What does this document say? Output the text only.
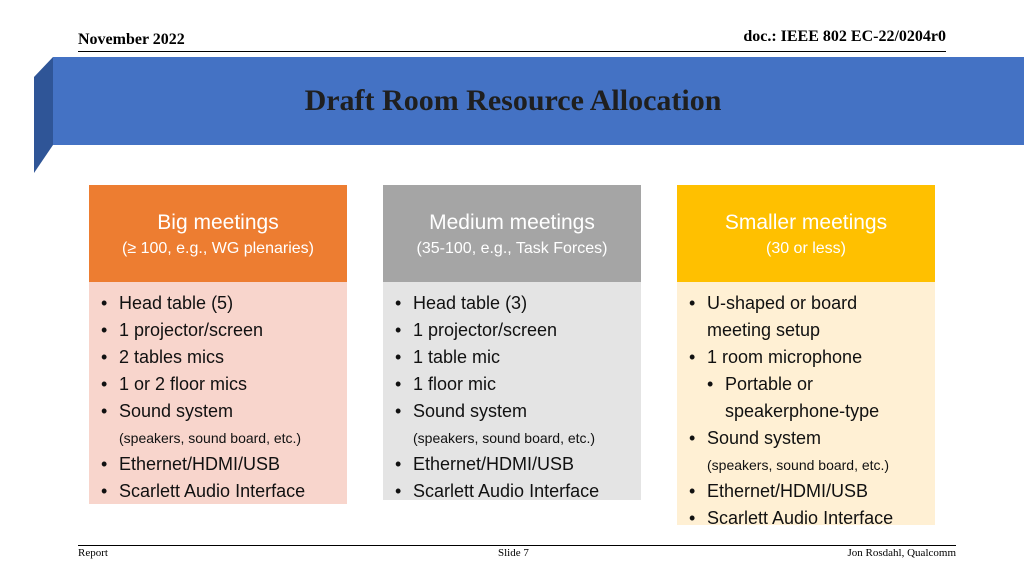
November 2022	doc.: IEEE 802 EC-22/0204r0
Draft Room Resource Allocation
Big meetings
(≥ 100, e.g., WG plenaries)
• Head table (5)
• 1 projector/screen
• 2 tables mics
• 1 or 2 floor mics
• Sound system
(speakers, sound board, etc.)
• Ethernet/HDMI/USB
• Scarlett Audio Interface
Medium meetings
(35-100, e.g., Task Forces)
• Head table (3)
• 1 projector/screen
• 1 table mic
• 1 floor mic
• Sound system
(speakers, sound board, etc.)
• Ethernet/HDMI/USB
• Scarlett Audio Interface
Smaller meetings
(30 or less)
• U-shaped or board
meeting setup
• 1 room microphone
• Portable or
speakerphone-type
• Sound system
(speakers, sound board, etc.)
• Ethernet/HDMI/USB
• Scarlett Audio Interface
Report	Slide 7	Jon Rosdahl, Qualcomm
